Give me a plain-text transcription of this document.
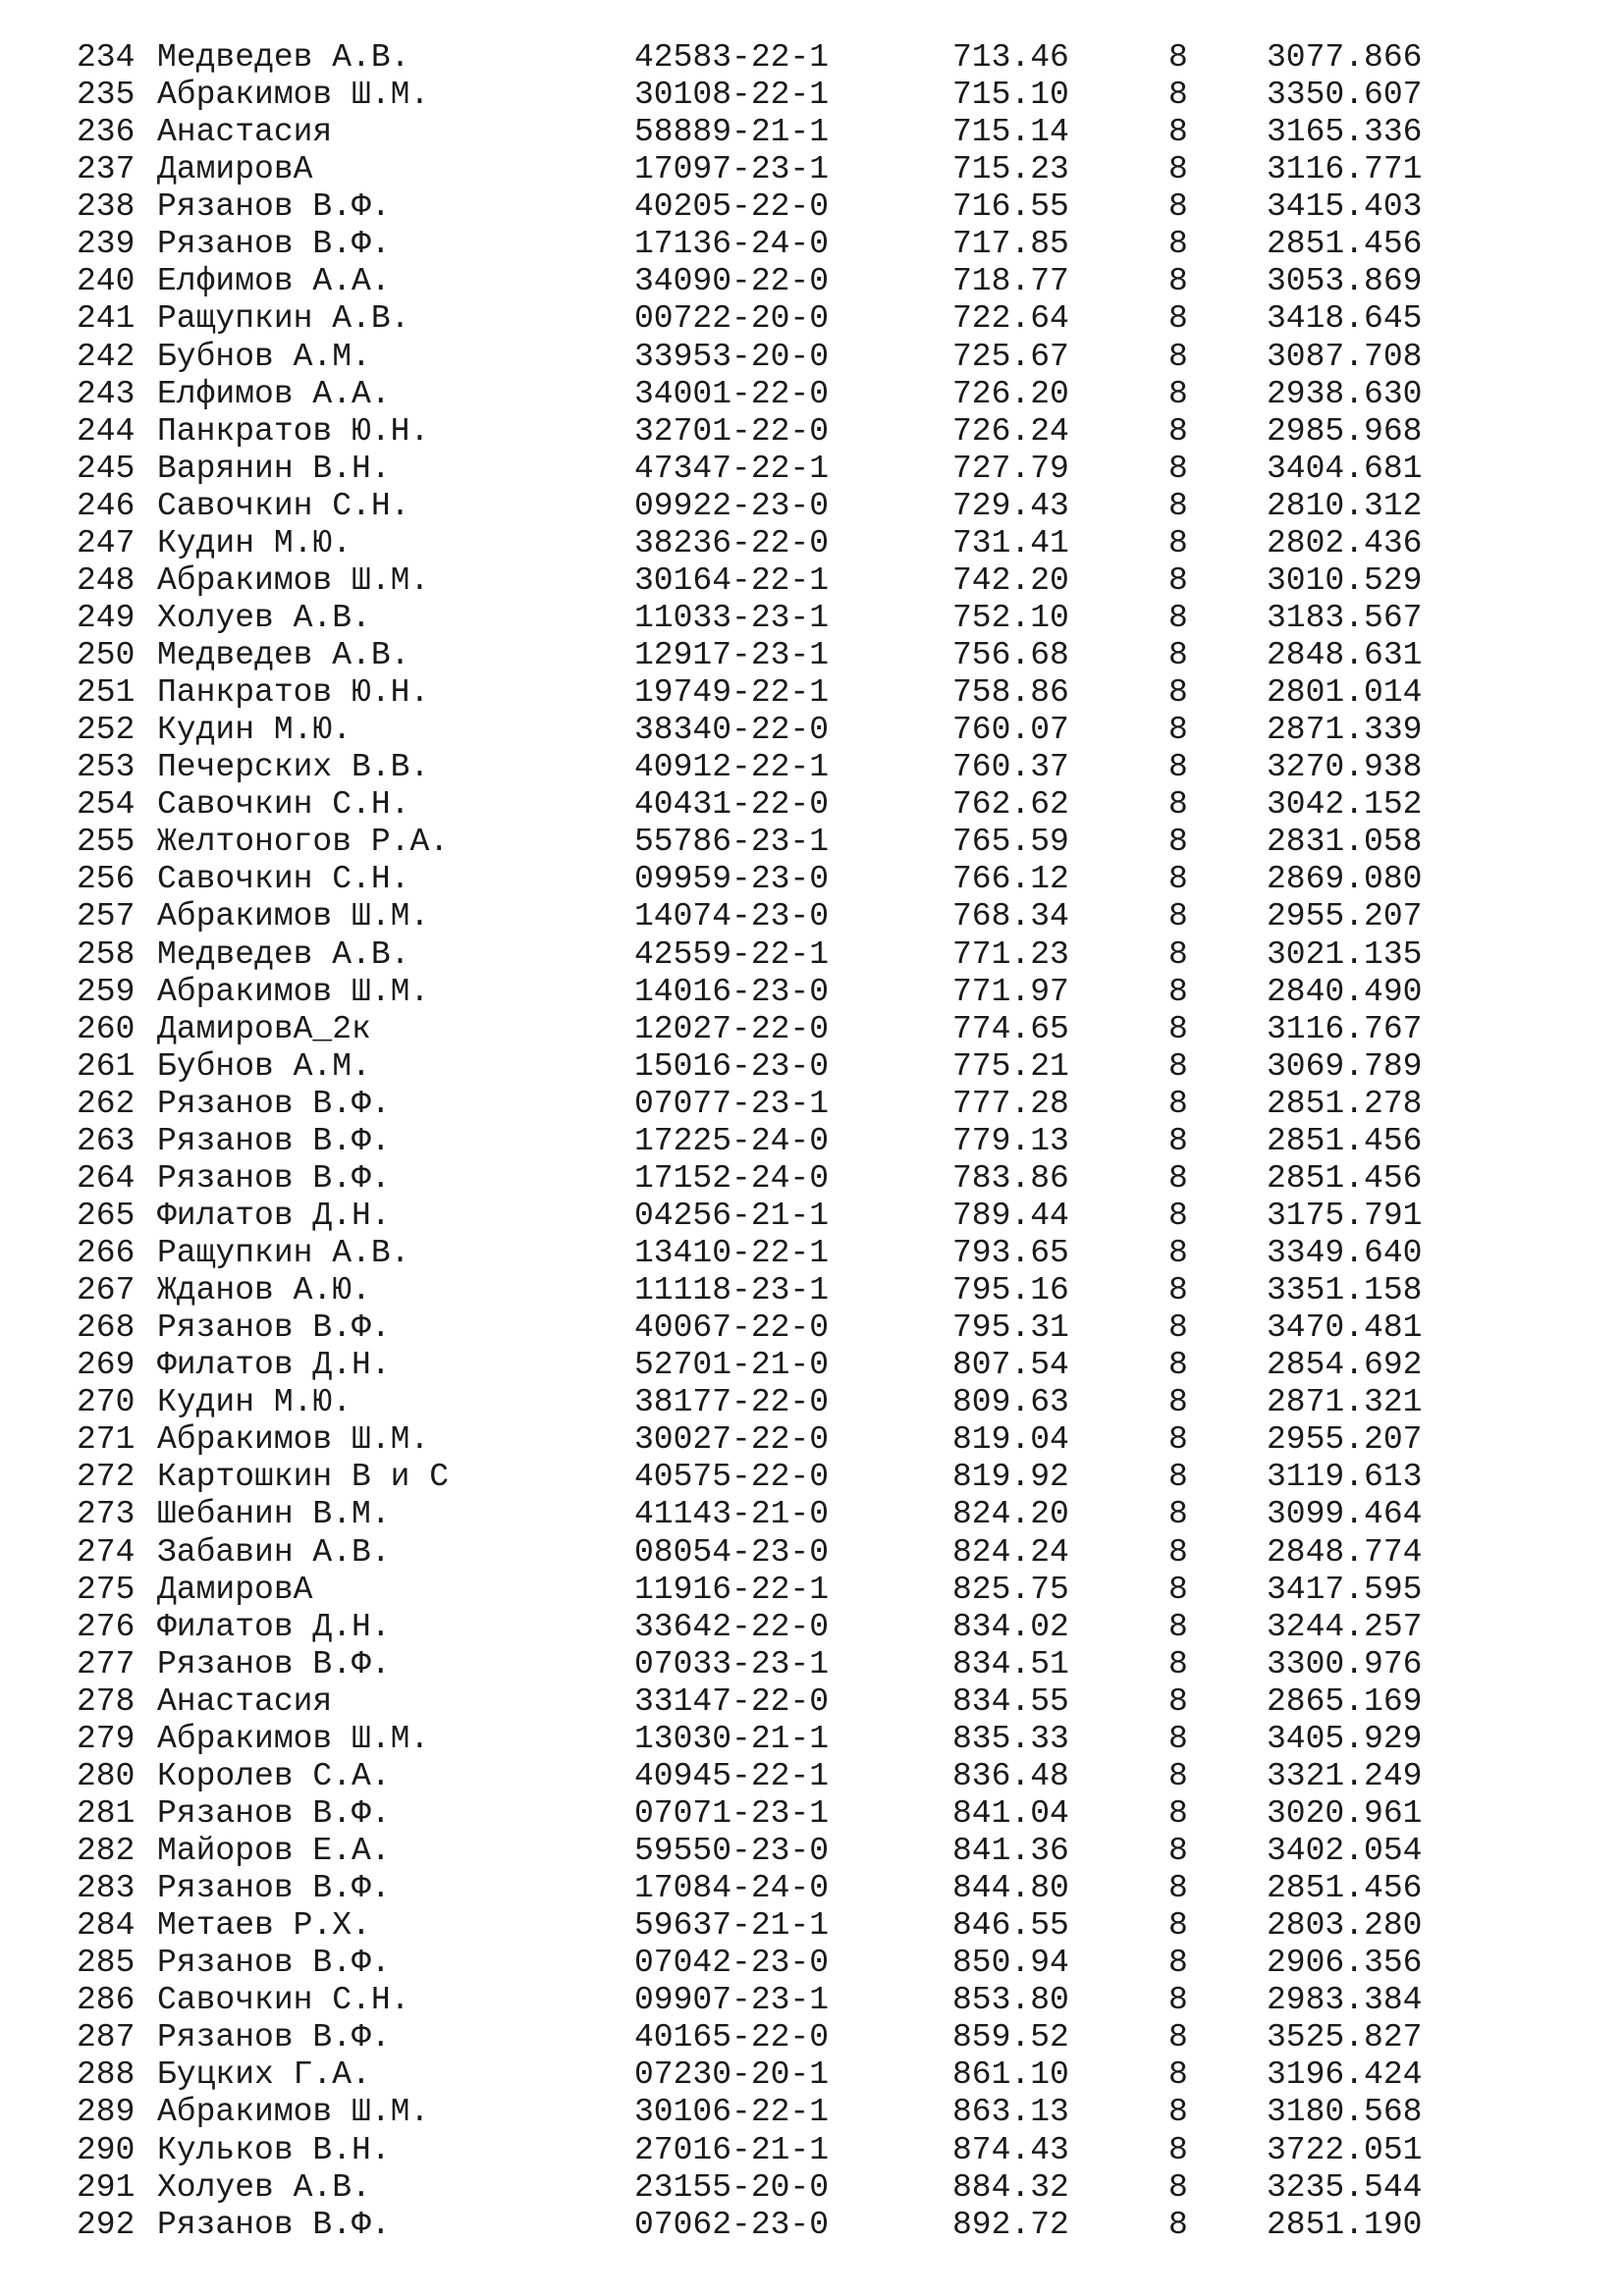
234 Медведев А.В.	42583-22-1	713.46	8 3077.866
235 Абракимов Ш.М.	30108-22-1	715.10	8 3350.607
236 Анастасия	58889-21-1	715.14	8 3165.336
237 ДамировА	17097-23-1	715.23	8 3116.771
238 Рязанов В.Ф.	40205-22-0	716.55	8 3415.403
239 Рязанов В.Ф.	17136-24-0	717.85	8 2851.456
240 Елфимов А.А.	34090-22-0	718.77	8 3053.869
241 Ращупкин А.В.	00722-20-0	722.64	8 3418.645
242 Бубнов А.М.	33953-20-0	725.67	8 3087.708
243 Елфимов А.А.	34001-22-0	726.20	8 2938.630
244 Панкратов Ю.Н.	32701-22-0	726.24	8 2985.968
245 Варянин В.Н.	47347-22-1	727.79	8 3404.681
246 Савочкин С.Н.	09922-23-0	729.43	8 2810.312
247 Кудин М.Ю.	38236-22-0	731.41	8 2802.436
248 Абракимов Ш.М.	30164-22-1	742.20	8 3010.529
249 Холуев А.В.	11033-23-1	752.10	8 3183.567
250 Медведев А.В.	12917-23-1	756.68	8 2848.631
251 Панкратов Ю.Н.	19749-22-1	758.86	8 2801.014
252 Кудин М.Ю.	38340-22-0	760.07	8 2871.339
253 Печерских В.В.	40912-22-1	760.37	8 3270.938
254 Савочкин С.Н.	40431-22-0	762.62	8 3042.152
255 Желтоногов Р.А.	55786-23-1	765.59	8 2831.058
256 Савочкин С.Н.	09959-23-0	766.12	8 2869.080
257 Абракимов Ш.М.	14074-23-0	768.34	8 2955.207
258 Медведев А.В.	42559-22-1	771.23	8 3021.135
259 Абракимов Ш.М.	14016-23-0	771.97	8 2840.490
260 ДамировА_2к	12027-22-0	774.65	8 3116.767
261 Бубнов А.М.	15016-23-0	775.21	8 3069.789
262 Рязанов В.Ф.	07077-23-1	777.28	8 2851.278
263 Рязанов В.Ф.	17225-24-0	779.13	8 2851.456
264 Рязанов В.Ф.	17152-24-0	783.86	8 2851.456
265 Филатов Д.Н.	04256-21-1	789.44	8 3175.791
266 Ращупкин А.В.	13410-22-1	793.65	8 3349.640
267 Жданов А.Ю.	11118-23-1	795.16	8 3351.158
268 Рязанов В.Ф.	40067-22-0	795.31	8 3470.481
269 Филатов Д.Н.	52701-21-0	807.54	8 2854.692
270 Кудин М.Ю.	38177-22-0	809.63	8 2871.321
271 Абракимов Ш.М.	30027-22-0	819.04	8 2955.207
272 Картошкин В и С	40575-22-0	819.92	8 3119.613
273 Шебанин В.М.	41143-21-0	824.20	8 3099.464
274 Забавин А.В.	08054-23-0	824.24	8 2848.774
275 ДамировА	11916-22-1	825.75	8 3417.595
276 Филатов Д.Н.	33642-22-0	834.02	8 3244.257
277 Рязанов В.Ф.	07033-23-1	834.51	8 3300.976
278 Анастасия	33147-22-0	834.55	8 2865.169
279 Абракимов Ш.М.	13030-21-1	835.33	8 3405.929
280 Королев С.А.	40945-22-1	836.48	8 3321.249
281 Рязанов В.Ф.	07071-23-1	841.04	8 3020.961
282 Майоров Е.А.	59550-23-0	841.36	8 3402.054
283 Рязанов В.Ф.	17084-24-0	844.80	8 2851.456
284 Метаев Р.Х.	59637-21-1	846.55	8 2803.280
285 Рязанов В.Ф.	07042-23-0	850.94	8 2906.356
286 Савочкин С.Н.	09907-23-1	853.80	8 2983.384
287 Рязанов В.Ф.	40165-22-0	859.52	8 3525.827
288 Буцких Г.А.	07230-20-1	861.10	8 3196.424
289 Абракимов Ш.М.	30106-22-1	863.13	8 3180.568
290 Кульков В.Н.	27016-21-1	874.43	8 3722.051
291 Холуев А.В.	23155-20-0	884.32	8 3235.544
292 Рязанов В.Ф.	07062-23-0	892.72	8 2851.190
